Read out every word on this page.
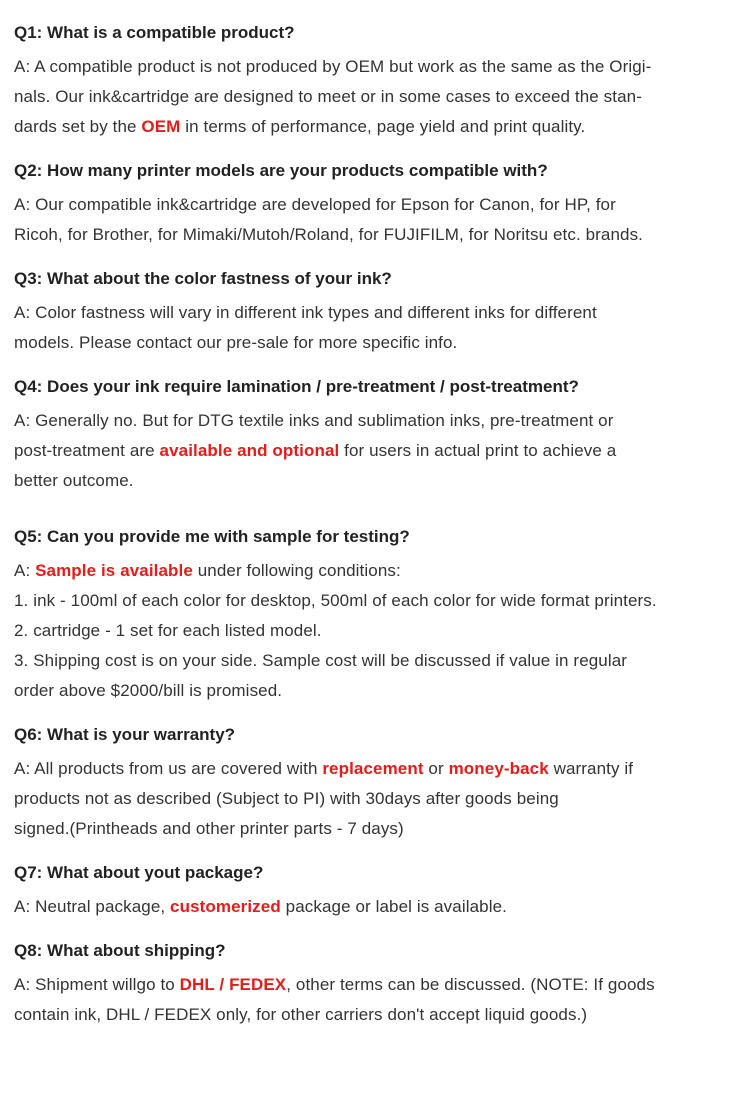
Q1: What is a compatible product?
A: A compatible product is not produced by OEM but work as the same as the Origi-
nals. Our ink&cartridge are designed to meet or in some cases to exceed the stan-
dards set by the OEM in terms of performance, page yield and print quality.
Q2: How many printer models are your products compatible with?
A: Our compatible ink&cartridge are developed for Epson for Canon, for HP, for
Ricoh, for Brother, for Mimaki/Mutoh/Roland, for FUJIFILM, for Noritsu etc. brands.
Q3: What about the color fastness of your ink?
A: Color fastness will vary in different ink types and different inks for different
models. Please contact our pre-sale for more specific info.
Q4: Does your ink require lamination / pre-treatment / post-treatment?
A: Generally no. But for DTG textile inks and sublimation inks, pre-treatment or
post-treatment are available and optional for users in actual print to achieve a
better outcome.
Q5: Can you provide me with sample for testing?
A: Sample is available under following conditions:
1. ink - 100ml of each color for desktop, 500ml of each color for wide format printers.
2. cartridge - 1 set for each listed model.
3. Shipping cost is on your side. Sample cost will be discussed if value in regular
order above $2000/bill is promised.
Q6: What is your warranty?
A: All products from us are covered with replacement or money-back warranty if
products not as described (Subject to PI) with 30days after goods being
signed.(Printheads and other printer parts - 7 days)
Q7: What about yout package?
A: Neutral package, customerized package or label is available.
Q8: What about shipping?
A: Shipment willgo to DHL / FEDEX, other terms can be discussed. (NOTE: If goods
contain ink, DHL / FEDEX only, for other carriers don't accept liquid goods.)
